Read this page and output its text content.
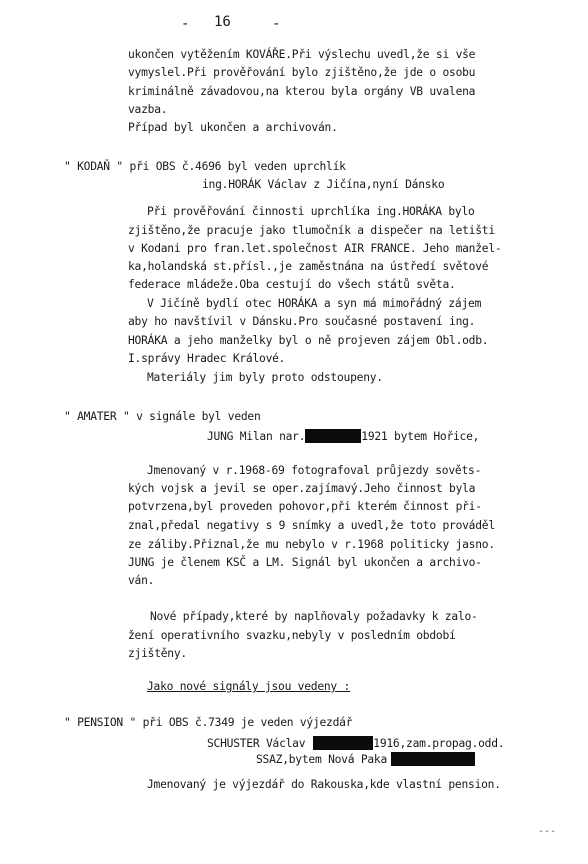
- 16	-
ukončen vytěžením KOVÁŘE.Při výslechu uvedl,že si vše
vymyslel.Při prověřování bylo zjištěno,že jde o osobu
kriminálně závadovou,na kterou byla orgány VB uvalena
vazba.
Případ byl ukončen a archivován.
" KODAŇ " při OBS č.4696 byl veden uprchlík
ing.HORÁK Václav z Jičína,nyní Dánsko
Při prověřování činnosti uprchlíka ing.HORÁKA bylo
zjištěno,že pracuje jako tlumočník a dispečer na letišti
v Kodani pro fran.let.společnost AIR FRANCE. Jeho manžel-
ka,holandská st.přísl.,je zaměstnána na ústředí světové
federace mládeže.Oba cestují do všech států světa.
V Jičíně bydlí otec HORÁKA a syn má mimořádný zájem
aby ho navštívil v Dánsku.Pro současné postavení ing.
HORÁKA a jeho manželky byl o ně projeven zájem Obl.odb.
I.správy Hradec Králové.
Materiály jim byly proto odstoupeny.
" AMATER " v signále byl veden
JUNG Milan nar.	1921 bytem Hořice,
Jmenovaný v r.1968-69 fotografoval průjezdy sověts-
kých vojsk a jevil se oper.zajímavý.Jeho činnost byla
potvrzena,byl proveden pohovor,při kterém činnost při-
znal,předal negativy s 9 snímky a uvedl,že toto prováděl
ze záliby.Přiznal,že mu nebylo v r.1968 politicky jasno.
JUNG je členem KSČ a LM. Signál byl ukončen a archivo-
ván.
Nové případy,které by naplňovaly požadavky k zalo-
žení operativního svazku,nebyly v posledním období
zjištěny.
Jako nové signály jsou vedeny :
" PENSION " při OBS č.7349 je veden výjezdář
SCHUSTER Václav	1916,zam.propag.odd.
SSAZ,bytem Nová Paka
Jmenovaný je výjezdář do Rakouska,kde vlastní pension.
---
